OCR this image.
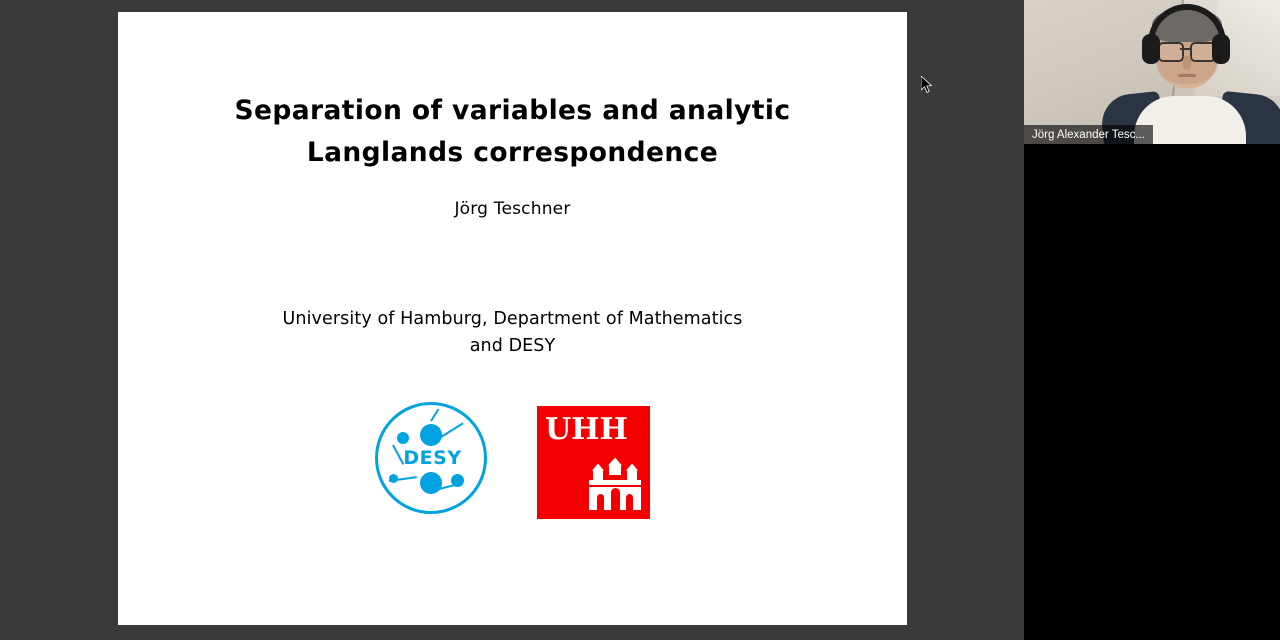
Separation of variables and analytic Langlands correspondence
Jörg Teschner
University of Hamburg, Department of Mathematics
and DESY
DESY
UHH
Jörg Alexander Tesc...
